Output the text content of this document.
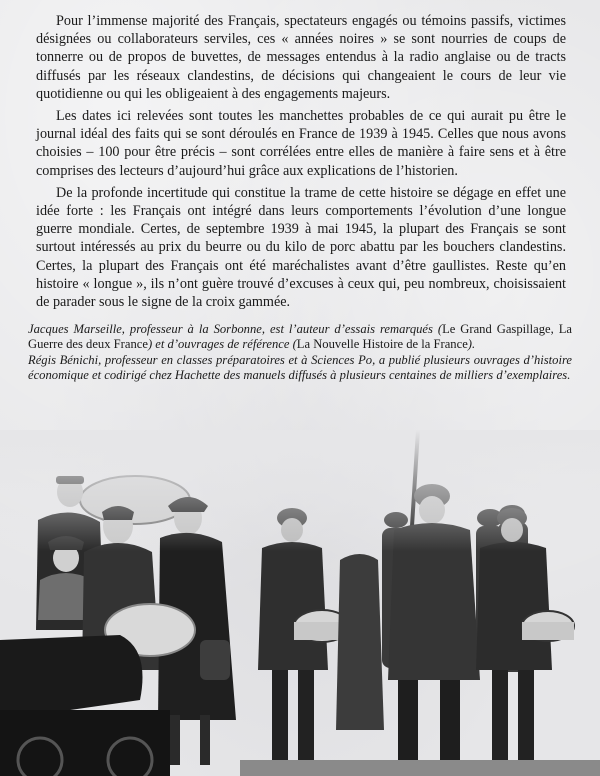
Pour l’immense majorité des Français, spectateurs engagés ou témoins passifs, victimes désignées ou collaborateurs serviles, ces « années noires » se sont nourries de coups de tonnerre ou de propos de buvettes, de messages entendus à la radio anglaise ou de tracts diffusés par les réseaux clandestins, de décisions qui changeaient le cours de leur vie quotidienne ou qui les obligeaient à des engagements majeurs.

Les dates ici relevées sont toutes les manchettes probables de ce qui aurait pu être le journal idéal des faits qui se sont déroulés en France de 1939 à 1945. Celles que nous avons choisies – 100 pour être précis – sont corrélées entre elles de manière à faire sens et à être comprises des lecteurs d’aujourd’hui grâce aux explications de l’historien.

De la profonde incertitude qui constitue la trame de cette histoire se dégage en effet une idée forte : les Français ont intégré dans leurs comportements l’évolution d’une longue guerre mondiale. Certes, de septembre 1939 à mai 1945, la plupart des Français se sont surtout intéressés au prix du beurre ou du kilo de porc abattu par les bouchers clandestins. Certes, la plupart des Français ont été maréchalistes avant d’être gaullistes. Reste qu’en histoire « longue », ils n’ont guère trouvé d’excuses à ceux qui, peu nombreux, choisissaient de parader sous le signe de la croix gammée.

Jacques Marseille, professeur à la Sorbonne, est l’auteur d’essais remarqués (Le Grand Gaspillage, La Guerre des deux France) et d’ouvrages de référence (La Nouvelle Histoire de la France).

Régis Bénichi, professeur en classes préparatoires et à Sciences Po, a publié plusieurs ouvrages d’histoire économique et codirigé chez Hachette des manuels diffusés à plusieurs centaines de milliers d’exemplaires.
